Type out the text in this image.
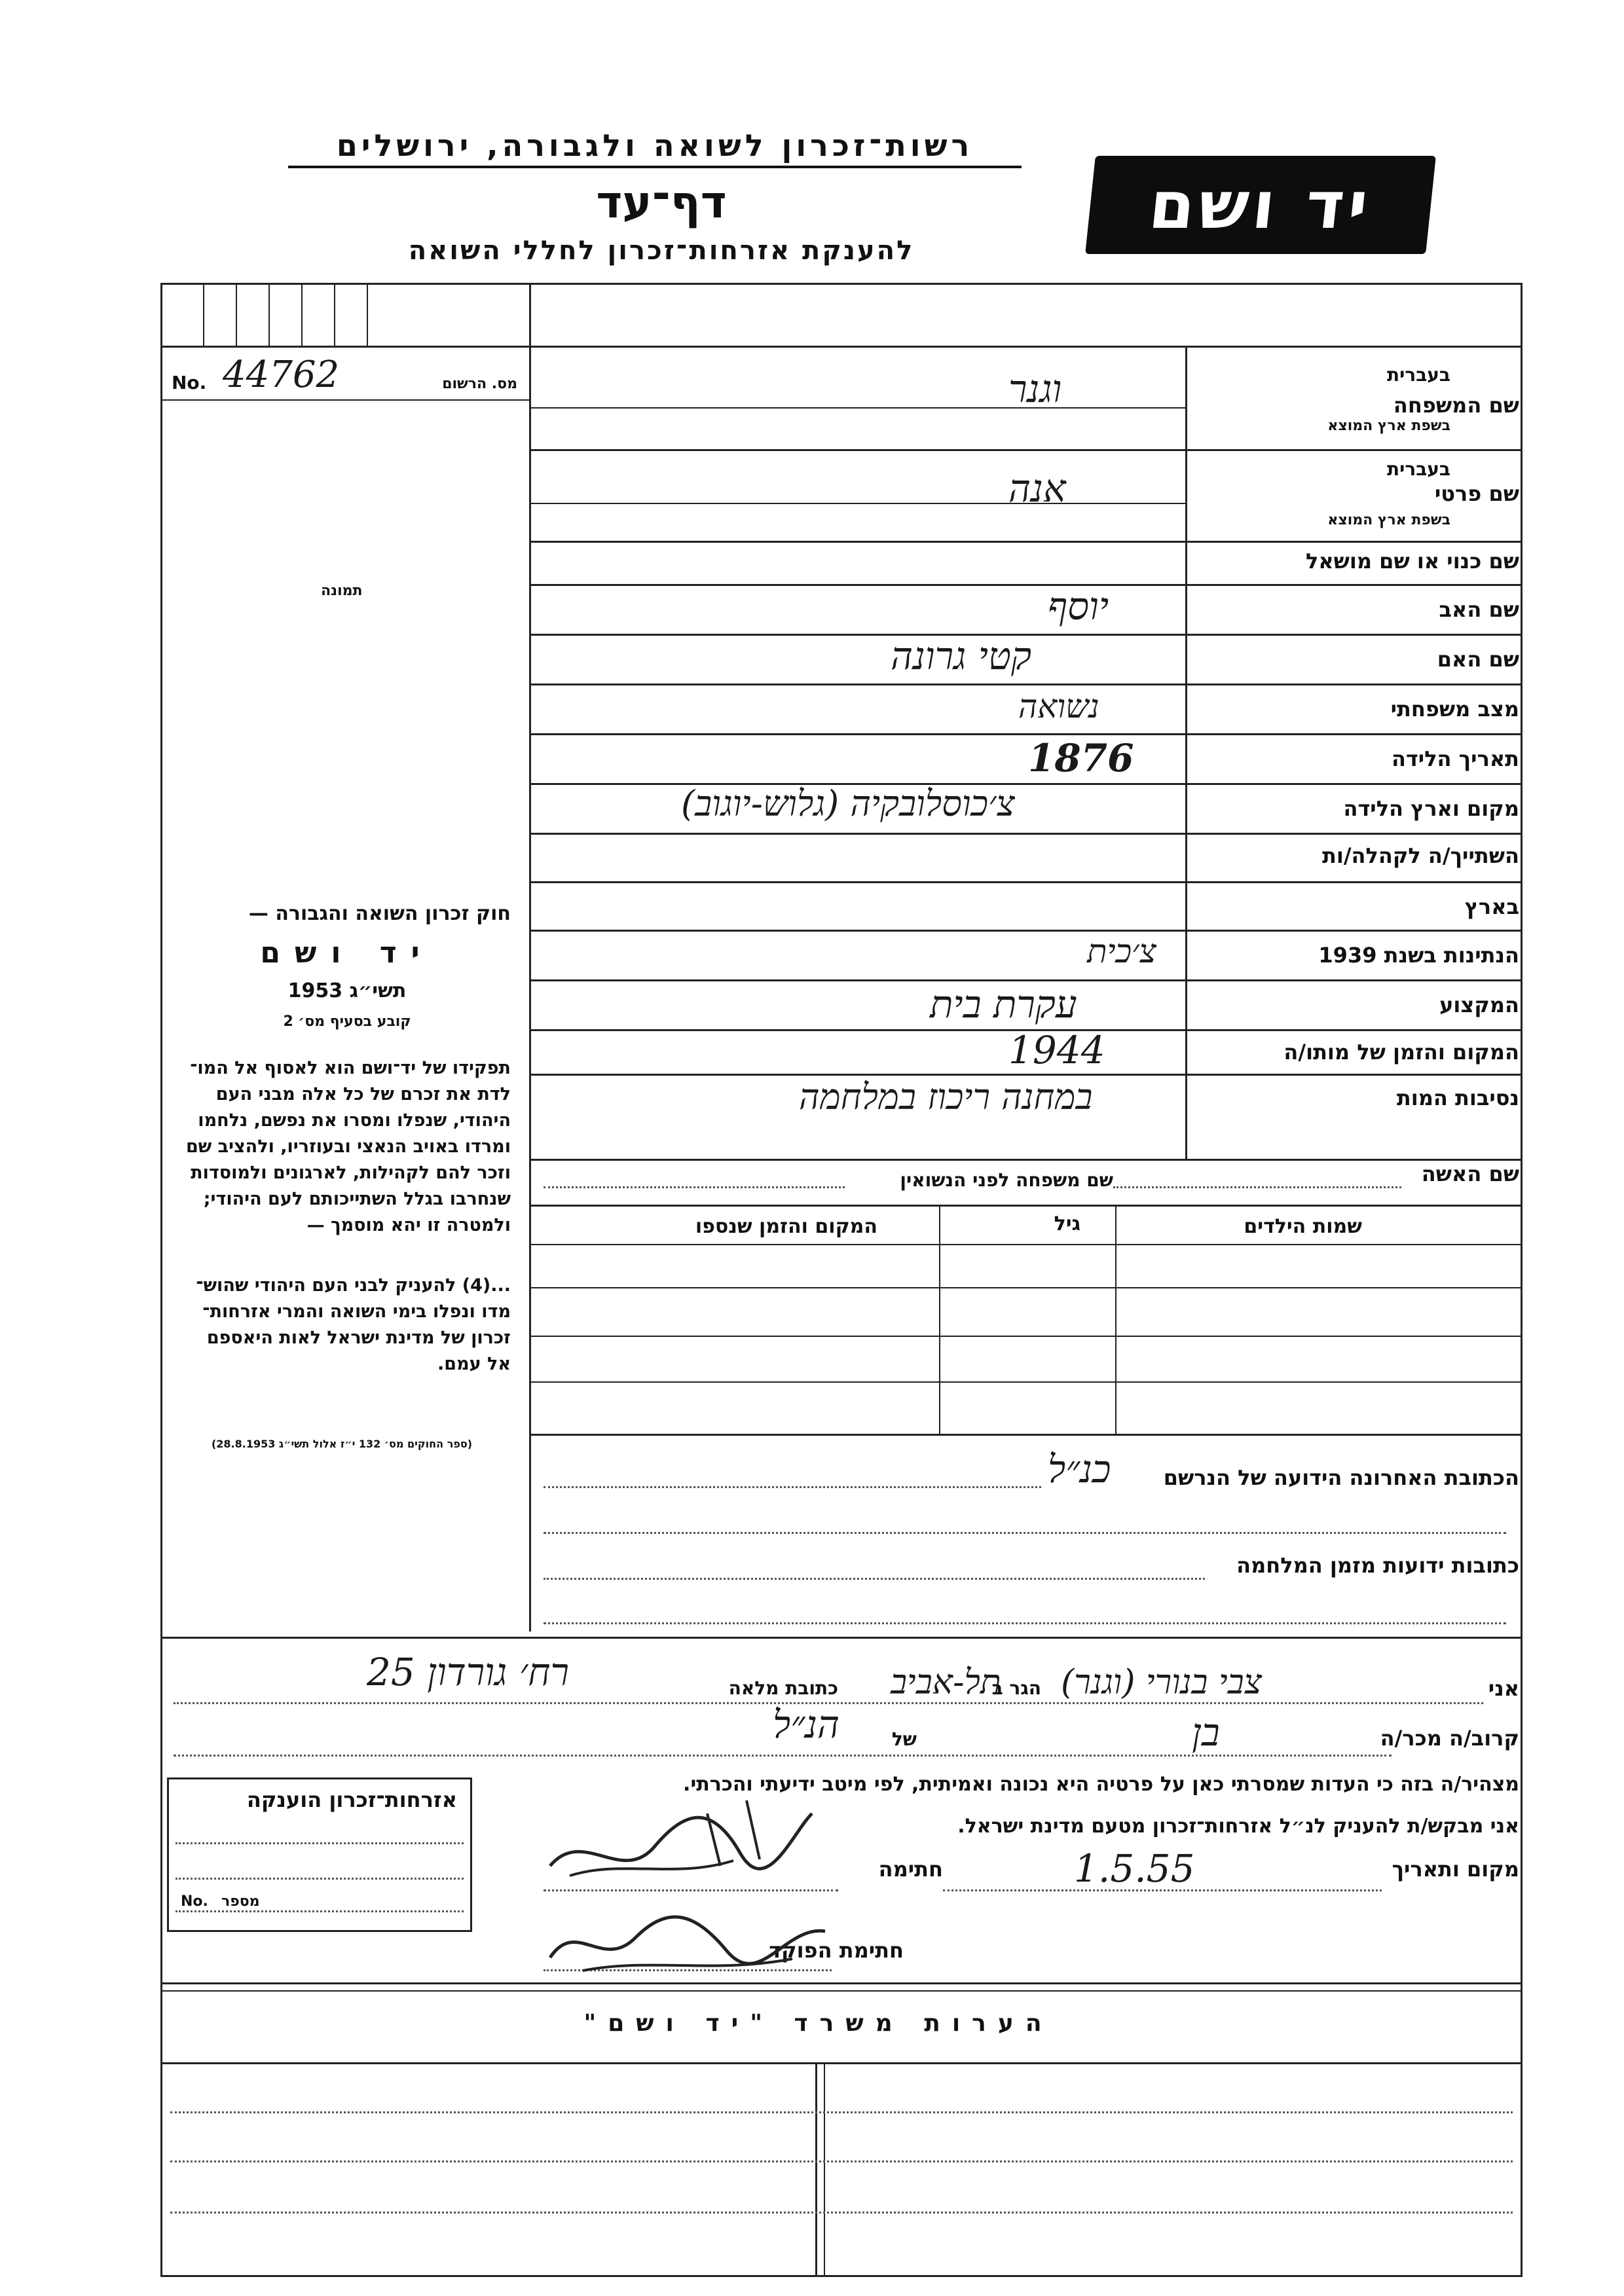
רשות־זכרון לשואה ולגבורה, ירושלים
דף־עד
להענקת אזרחות־זכרון לחללי השואה
יד ושם
No. 44762	מס. הרשום
תמונה
שם המשפחה
בעברית
בשפת ארץ המוצא
וגנר
שם פרטי
בעברית
בשפת ארץ המוצא
אנה
שם כנוי או שם מושאל
שם האב
יוסף
שם האם
קטי גרונה
מצב משפחתי
נשואה
תאריך הלידה
1876
מקום וארץ הלידה
צ׳כוסלובקיה (גלוש-יוגוב)
השתייך/ה לקהלה/ות
בארץ
הנתינות בשנת 1939
צ׳כית
המקצוע
עקרת בית
המקום והזמן של מותו/ה
1944
נסיבות המות
במחנה ריכוז במלחמה
שם האשה
שם משפחה לפני הנשואין
שמות הילדים
גיל
המקום והזמן שנספו
הכתובת האחרונה הידועה של הנרשם
כנ״ל
כתובות ידועות מזמן המלחמה
חוק זכרון השואה והגבורה —
יד ושם
תשי״ג 1953
קובע בסעיף מס׳ 2
תפקידו של יד־ושם הוא לאסוף אל המו־
לדת את זכרם של כל אלה מבני העם
היהודי, שנפלו ומסרו את נפשם, נלחמו
ומרדו באויב הנאצי ובעוזריו, ולהציב שם
וזכר להם לקהילות, לארגונים ולמוסדות
שנחרבו בגלל השתייכותם לעם היהודי;
ולמטרה זו יהא מוסמך —
...(4) להעניק לבני העם היהודי שהוש־
מדו ונפלו בימי השואה והמרי אזרחות־
זכרון של מדינת ישראל לאות היאספם
אל עמם.
(ספר החוקים מס׳ 132 י״ז אלול תשי״ג 28.8.1953)
אני
צבי בנורי (וגנר)
הגר ב
תל-אביב
כתובת מלאה
רח׳ גורדון 25
קרוב/ה מכר/ה
בן
של
הנ״ל
מצהיר/ה בזה כי העדות שמסרתי כאן על פרטיה היא נכונה ואמיתית, לפי מיטב ידיעתי והכרתי.
אני מבקש/ת להעניק לנ״ל אזרחות־זכרון מטעם מדינת ישראל.
מקום ותאריך
1.5.55
חתימה
חתימת הפוקד
אזרחות־זכרון הוענקה
No. מספר
הערות משרד "יד ושם"
